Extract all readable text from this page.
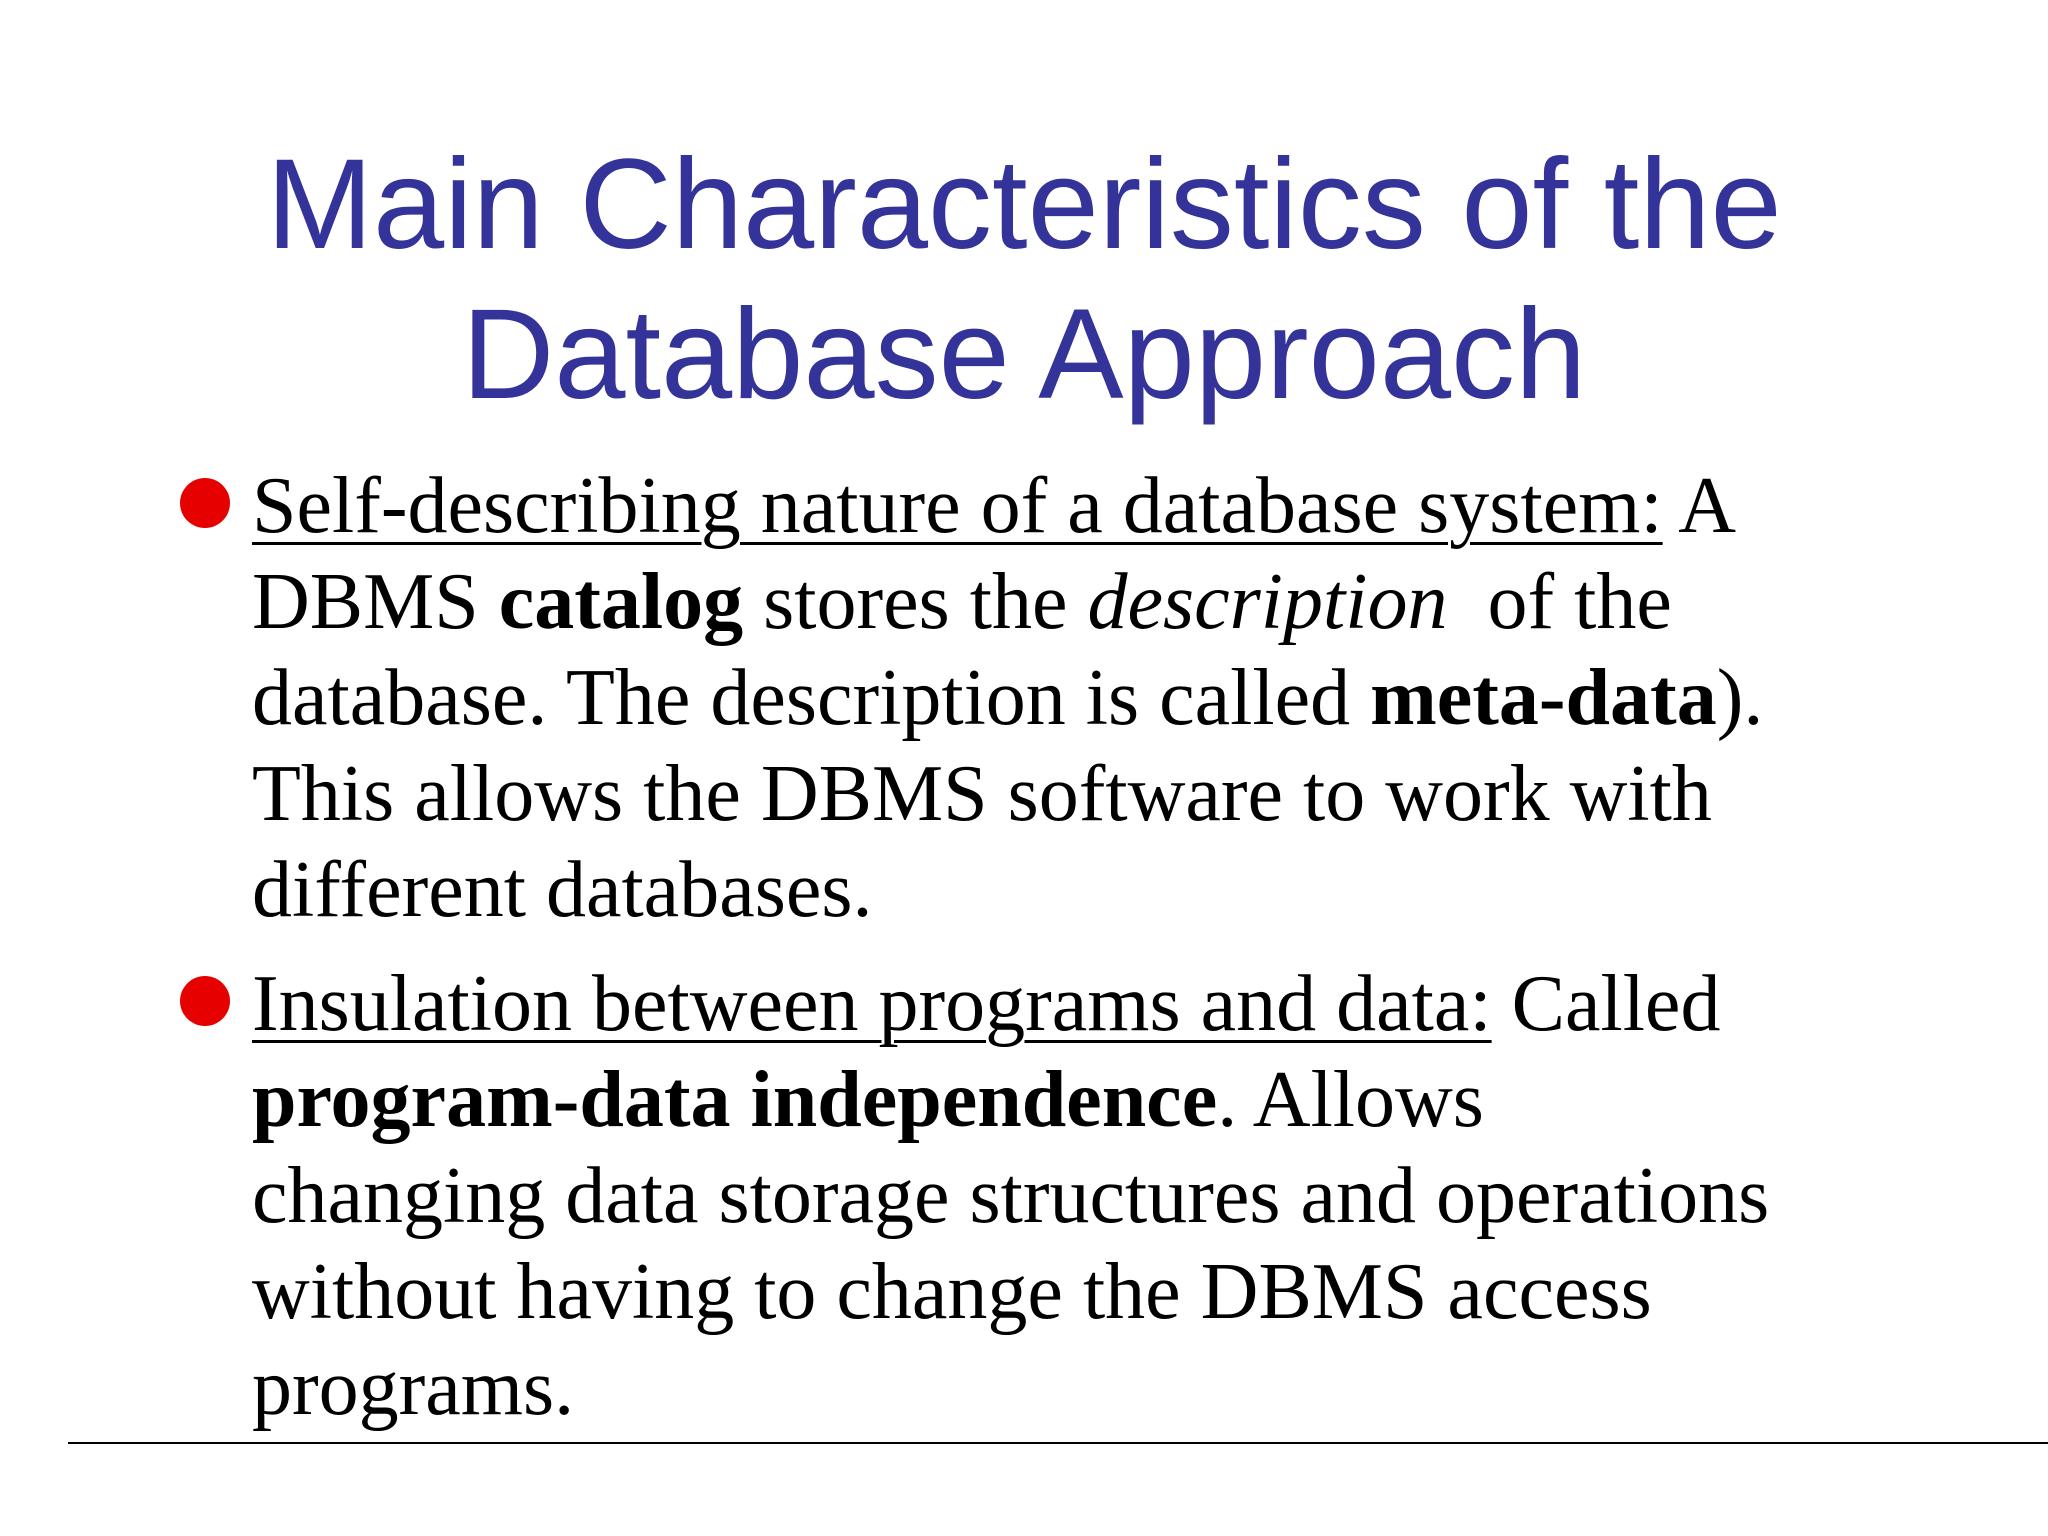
Main Characteristics of the
Database Approach
Self-describing nature of a database system: A
DBMS catalog stores the description  of the
database. The description is called meta-data).
This allows the DBMS software to work with
different databases.
Insulation between programs and data: Called
program-data independence. Allows
changing data storage structures and operations
without having to change the DBMS access
programs.
